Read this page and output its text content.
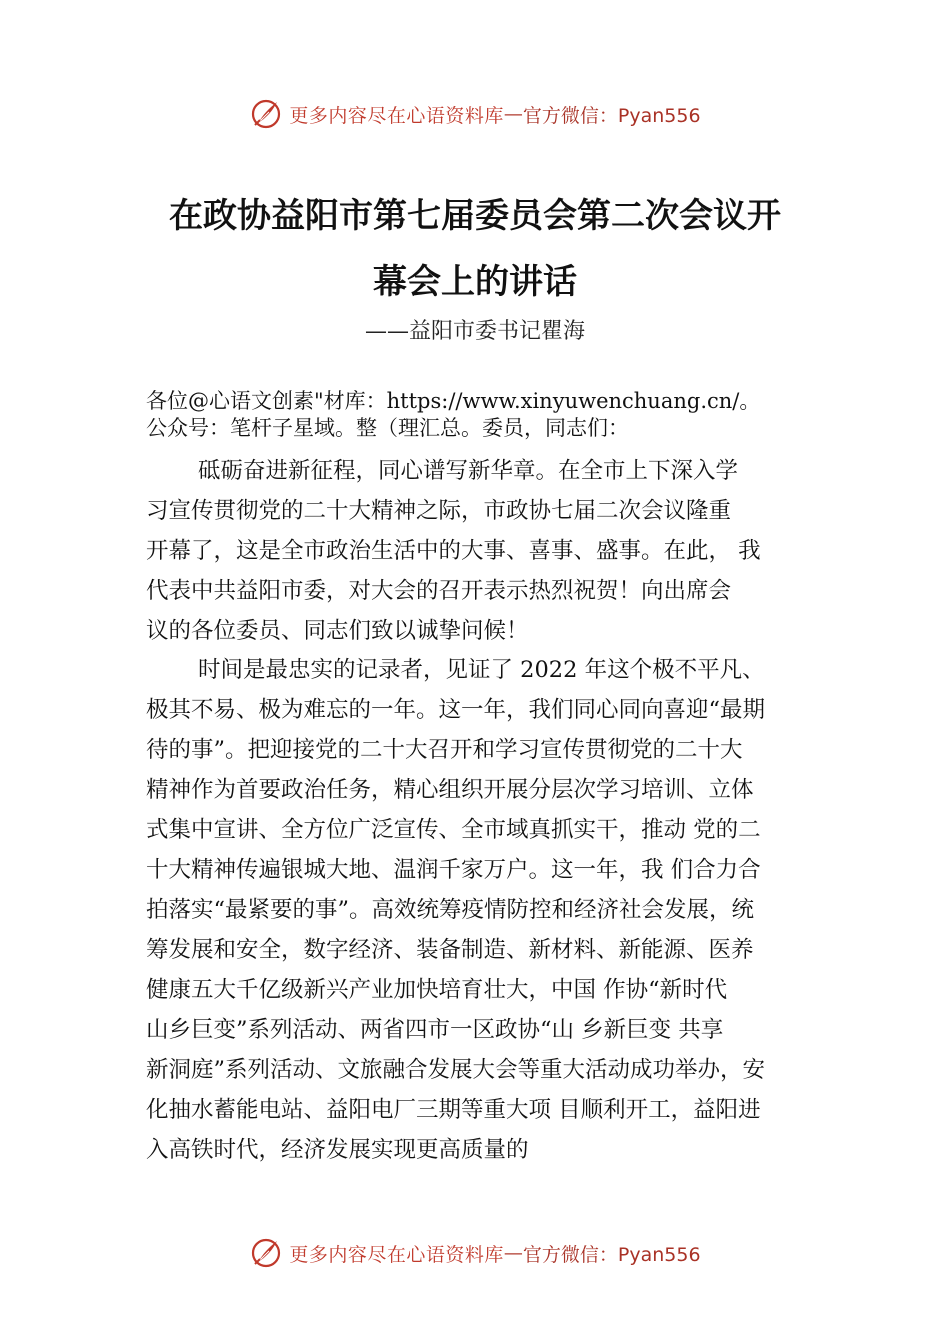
更多内容尽在心语资料库 — 官方微信：Pyan556
在政协益阳市第七届委员会第二次会议开
幕会上的讲话
——益阳市委书记瞿海
各位@心语文创素"材库：https://www.xinyuwenchuang.cn/。
公众号：笔杆子星域。整（理汇总。委员，同志们：
砥砺奋进新征程，同心谱写新华章。在全市上下深入学
习宣传贯彻党的二十大精神之际，市政协七届二次会议隆重
开幕了，这是全市政治生活中的大事、喜事、盛事。在此， 我
代表中共益阳市委，对大会的召开表示热烈祝贺！向出席会
议的各位委员、同志们致以诚挚问候！
时间是最忠实的记录者，见证了 2022 年这个极不平凡、
极其不易、极为难忘的一年。这一年，我们同心同向喜迎“最期
待的事”。把迎接党的二十大召开和学习宣传贯彻党的二十大
精神作为首要政治任务，精心组织开展分层次学习培训、立体
式集中宣讲、全方位广泛宣传、全市域真抓实干，推动 党的二
十大精神传遍银城大地、温润千家万户。这一年，我 们合力合
拍落实“最紧要的事”。高效统筹疫情防控和经济社会发展，统
筹发展和安全，数字经济、装备制造、新材料、新能源、医养
健康五大千亿级新兴产业加快培育壮大，中国 作协“新时代
山乡巨变”系列活动、两省四市一区政协“山 乡新巨变 共享
新洞庭”系列活动、文旅融合发展大会等重大活动成功举办，安
化抽水蓄能电站、益阳电厂三期等重大项 目顺利开工，益阳进
入高铁时代，经济发展实现更高质量的
更多内容尽在心语资料库 — 官方微信：Pyan556
